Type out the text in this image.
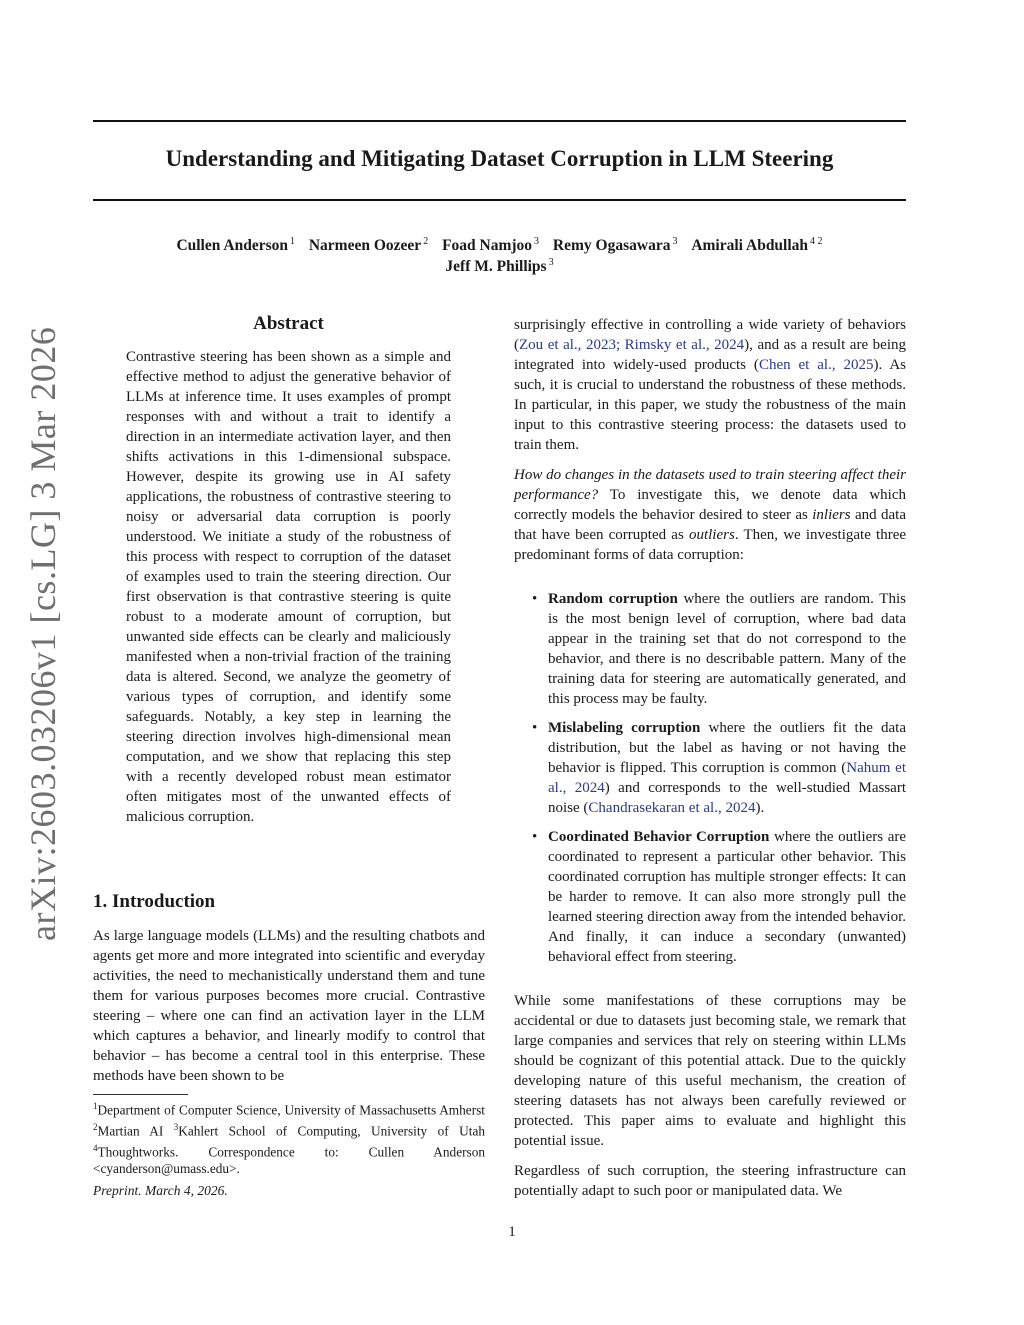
Understanding and Mitigating Dataset Corruption in LLM Steering
Cullen Anderson $^1$ Narmeen Oozeer $^2$ Foad Namjoo $^3$ Remy Ogasawara $^3$ Amirali Abdullah $^{4 2}$
Jeff M. Phillips $^3$
arXiv:2603.03206v1 [cs.LG] 3 Mar 2026
Abstract
Contrastive steering has been shown as a simple and effective method to adjust the generative behavior of LLMs at inference time. It uses examples of prompt responses with and without a trait to identify a direction in an intermediate activation layer, and then shifts activations in this 1-dimensional subspace. However, despite its growing use in AI safety applications, the robustness of contrastive steering to noisy or adversarial data corruption is poorly understood. We initiate a study of the robustness of this process with respect to corruption of the dataset of examples used to train the steering direction. Our first observation is that contrastive steering is quite robust to a moderate amount of corruption, but unwanted side effects can be clearly and maliciously manifested when a non-trivial fraction of the training data is altered. Second, we analyze the geometry of various types of corruption, and identify some safeguards. Notably, a key step in learning the steering direction involves high-dimensional mean computation, and we show that replacing this step with a recently developed robust mean estimator often mitigates most of the unwanted effects of malicious corruption.
1. Introduction
As large language models (LLMs) and the resulting chatbots and agents get more and more integrated into scientific and everyday activities, the need to mechanistically understand them and tune them for various purposes becomes more crucial. Contrastive steering – where one can find an activation layer in the LLM which captures a behavior, and linearly modify to control that behavior – has become a central tool in this enterprise. These methods have been shown to be
$^1$Department of Computer Science, University of Massachusetts Amherst $^2$Martian AI $^3$Kahlert School of Computing, University of Utah $^4$Thoughtworks. Correspondence to: Cullen Anderson <cyanderson@umass.edu>.
Preprint. March 4, 2026.

surprisingly effective in controlling a wide variety of behaviors (Zou et al., 2023; Rimsky et al., 2024), and as a result are being integrated into widely-used products (Chen et al., 2025). As such, it is crucial to understand the robustness of these methods. In particular, in this paper, we study the robustness of the main input to this contrastive steering process: the datasets used to train them.

How do changes in the datasets used to train steering affect their performance? To investigate this, we denote data which correctly models the behavior desired to steer as inliers and data that have been corrupted as outliers. Then, we investigate three predominant forms of data corruption:

• Random corruption where the outliers are random. This is the most benign level of corruption, where bad data appear in the training set that do not correspond to the behavior, and there is no describable pattern. Many of the training data for steering are automatically generated, and this process may be faulty.
• Mislabeling corruption where the outliers fit the data distribution, but the label as having or not having the behavior is flipped. This corruption is common (Nahum et al., 2024) and corresponds to the well-studied Massart noise (Chandrasekaran et al., 2024).
• Coordinated Behavior Corruption where the outliers are coordinated to represent a particular other behavior. This coordinated corruption has multiple stronger effects: It can be harder to remove. It can also more strongly pull the learned steering direction away from the intended behavior. And finally, it can induce a secondary (unwanted) behavioral effect from steering.

While some manifestations of these corruptions may be accidental or due to datasets just becoming stale, we remark that large companies and services that rely on steering within LLMs should be cognizant of this potential attack. Due to the quickly developing nature of this useful mechanism, the creation of steering datasets has not always been carefully reviewed or protected. This paper aims to evaluate and highlight this potential issue.

Regardless of such corruption, the steering infrastructure can potentially adapt to such poor or manipulated data. We

1
